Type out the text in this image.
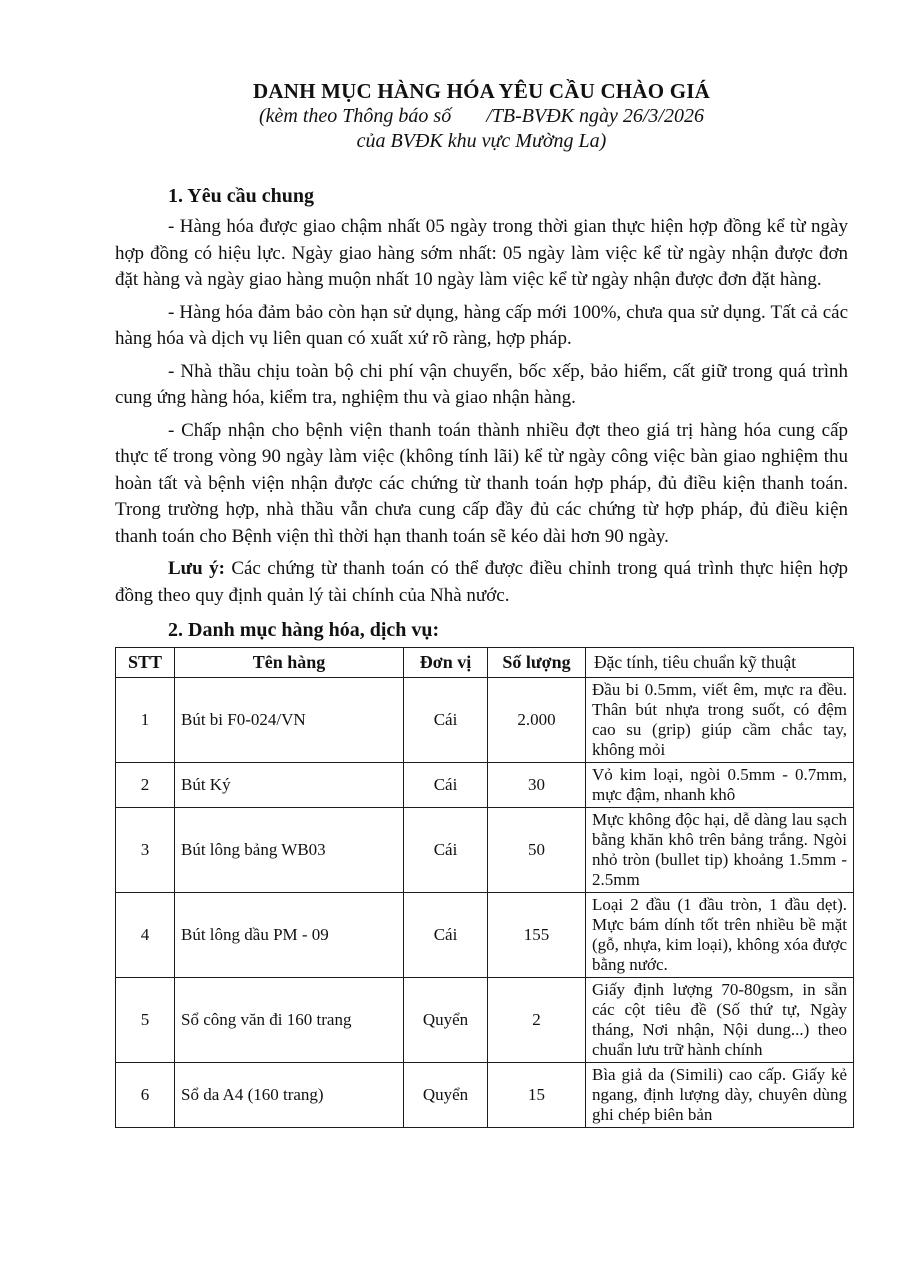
DANH MỤC HÀNG HÓA YÊU CẦU CHÀO GIÁ
(kèm theo Thông báo số       /TB-BVĐK ngày 26/3/2026
của BVĐK khu vực Mường La)
1. Yêu cầu chung

- Hàng hóa được giao chậm nhất 05 ngày trong thời gian thực hiện hợp đồng kể từ ngày hợp đồng có hiệu lực. Ngày giao hàng sớm nhất: 05 ngày làm việc kể từ ngày nhận được đơn đặt hàng và ngày giao hàng muộn nhất 10 ngày làm việc kể từ ngày nhận được đơn đặt hàng.

- Hàng hóa đảm bảo còn hạn sử dụng, hàng cấp mới 100%, chưa qua sử dụng. Tất cả các hàng hóa và dịch vụ liên quan có xuất xứ rõ ràng, hợp pháp.

- Nhà thầu chịu toàn bộ chi phí vận chuyển, bốc xếp, bảo hiểm, cất giữ trong quá trình cung ứng hàng hóa, kiểm tra, nghiệm thu và giao nhận hàng.

- Chấp nhận cho bệnh viện thanh toán thành nhiều đợt theo giá trị hàng hóa cung cấp thực tế trong vòng 90 ngày làm việc (không tính lãi) kể từ ngày công việc bàn giao nghiệm thu hoàn tất và bệnh viện nhận được các chứng từ thanh toán hợp pháp, đủ điều kiện thanh toán. Trong trường hợp, nhà thầu vẫn chưa cung cấp đầy đủ các chứng từ hợp pháp, đủ điều kiện thanh toán cho Bệnh viện thì thời hạn thanh toán sẽ kéo dài hơn 90 ngày.

Lưu ý: Các chứng từ thanh toán có thể được điều chỉnh trong quá trình thực hiện hợp đồng theo quy định quản lý tài chính của Nhà nước.

2. Danh mục hàng hóa, dịch vụ:
STT	Tên hàng	Đơn vị	Số lượng	Đặc tính, tiêu chuẩn kỹ thuật
1	Bút bi F0-024/VN	Cái	2.000	Đầu bi 0.5mm, viết êm, mực ra đều. Thân bút nhựa trong suốt, có đệm cao su (grip) giúp cầm chắc tay, không mỏi
2	Bút Ký	Cái	30	Vỏ kim loại, ngòi 0.5mm - 0.7mm, mực đậm, nhanh khô
3	Bút lông bảng WB03	Cái	50	Mực không độc hại, dễ dàng lau sạch bằng khăn khô trên bảng trắng. Ngòi nhỏ tròn (bullet tip) khoảng 1.5mm - 2.5mm
4	Bút lông dầu PM - 09	Cái	155	Loại 2 đầu (1 đầu tròn, 1 đầu dẹt). Mực bám dính tốt trên nhiều bề mặt (gỗ, nhựa, kim loại), không xóa được bằng nước.
5	Sổ công văn đi 160 trang	Quyển	2	Giấy định lượng 70-80gsm, in sẵn các cột tiêu đề (Số thứ tự, Ngày tháng, Nơi nhận, Nội dung...) theo chuẩn lưu trữ hành chính
6	Sổ da A4 (160 trang)	Quyển	15	Bìa giả da (Simili) cao cấp. Giấy kẻ ngang, định lượng dày, chuyên dùng ghi chép biên bản
